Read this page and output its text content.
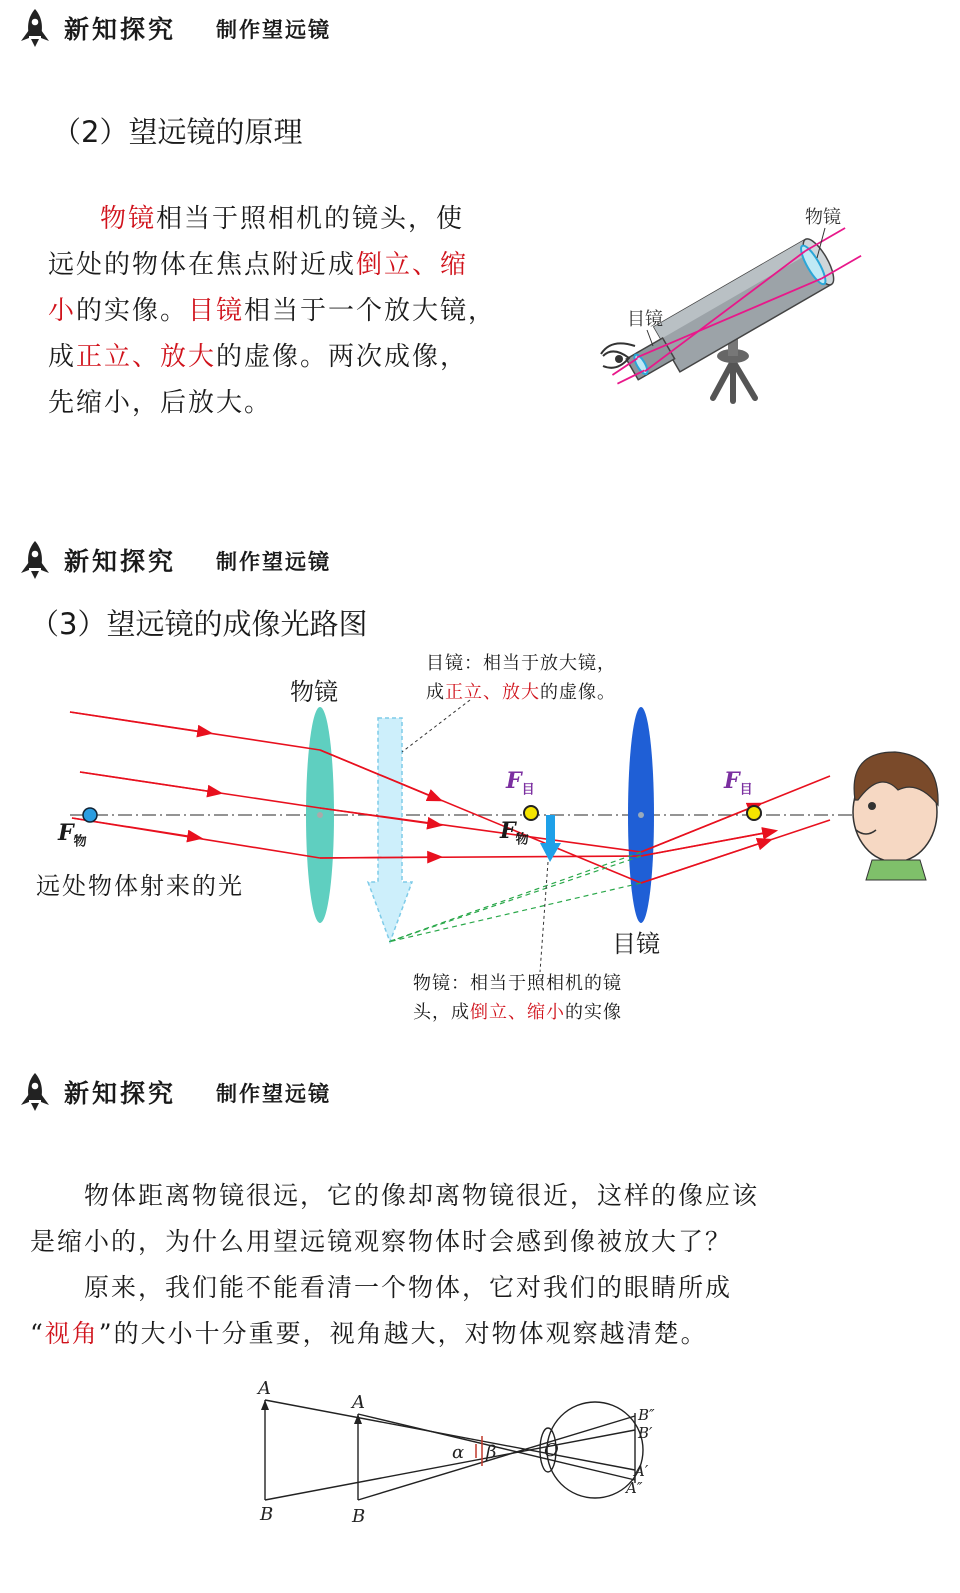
新知探究 制作望远镜
（2）望远镜的原理
物镜相当于照相机的镜头，使
远处的物体在焦点附近成倒立、缩
小的实像。目镜相当于一个放大镜，
成正立、放大的虚像。两次成像，
先缩小，后放大。
物镜
目镜
新知探究 制作望远镜
（3）望远镜的成像光路图
目镜：相当于放大镜，
成正立、放大的虚像。
物镜：相当于照相机的镜
头，成倒立、缩小的实像
物镜
目镜
远处物体射来的光
$F_物$	$F_物$
$F_目$	$F_目$
新知探究 制作望远镜
　　物体距离物镜很远，它的像却离物镜很近，这样的像应该
是缩小的，为什么用望远镜观察物体时会感到像被放大了？
　　原来，我们能不能看清一个物体，它对我们的眼睛所成
“视角”的大小十分重要，视角越大，对物体观察越清楚。
A
B
A
B
α β	O
B″
B′
A′
A″
